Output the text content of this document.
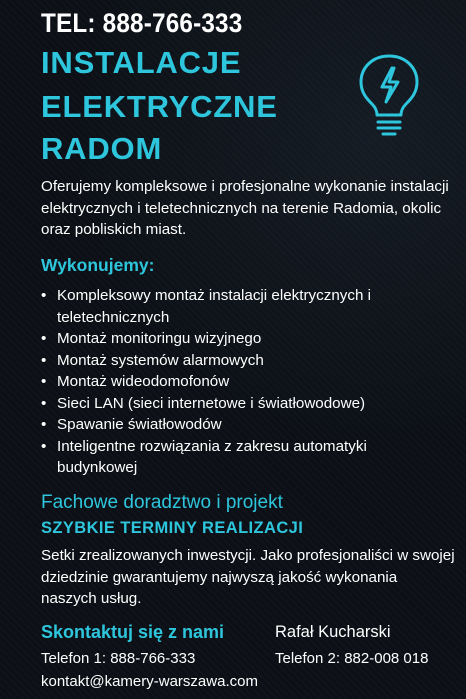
TEL: 888-766-333
INSTALACJE
ELEKTRYCZNE
RADOM
Oferujemy kompleksowe i profesjonalne wykonanie instalacji elektrycznych i teletechnicznych na terenie Radomia, okolic oraz pobliskich miast.
Wykonujemy:
• Kompleksowy montaż instalacji elektrycznych i teletechnicznych
• Montaż monitoringu wizyjnego
• Montaż systemów alarmowych
• Montaż wideodomofonów
• Sieci LAN (sieci internetowe i światłowodowe)
• Spawanie światłowodów
• Inteligentne rozwiązania z zakresu automatyki budynkowej
Fachowe doradztwo i projekt
SZYBKIE TERMINY REALIZACJI
Setki zrealizowanych inwestycji. Jako profesjonaliści w swojej dziedzinie gwarantujemy najwyszą jakość wykonania naszych usług.
Skontaktuj się z nami	Rafał Kucharski
Telefon 1: 888-766-333	Telefon 2: 882-008 018
kontakt@kamery-warszawa.com
